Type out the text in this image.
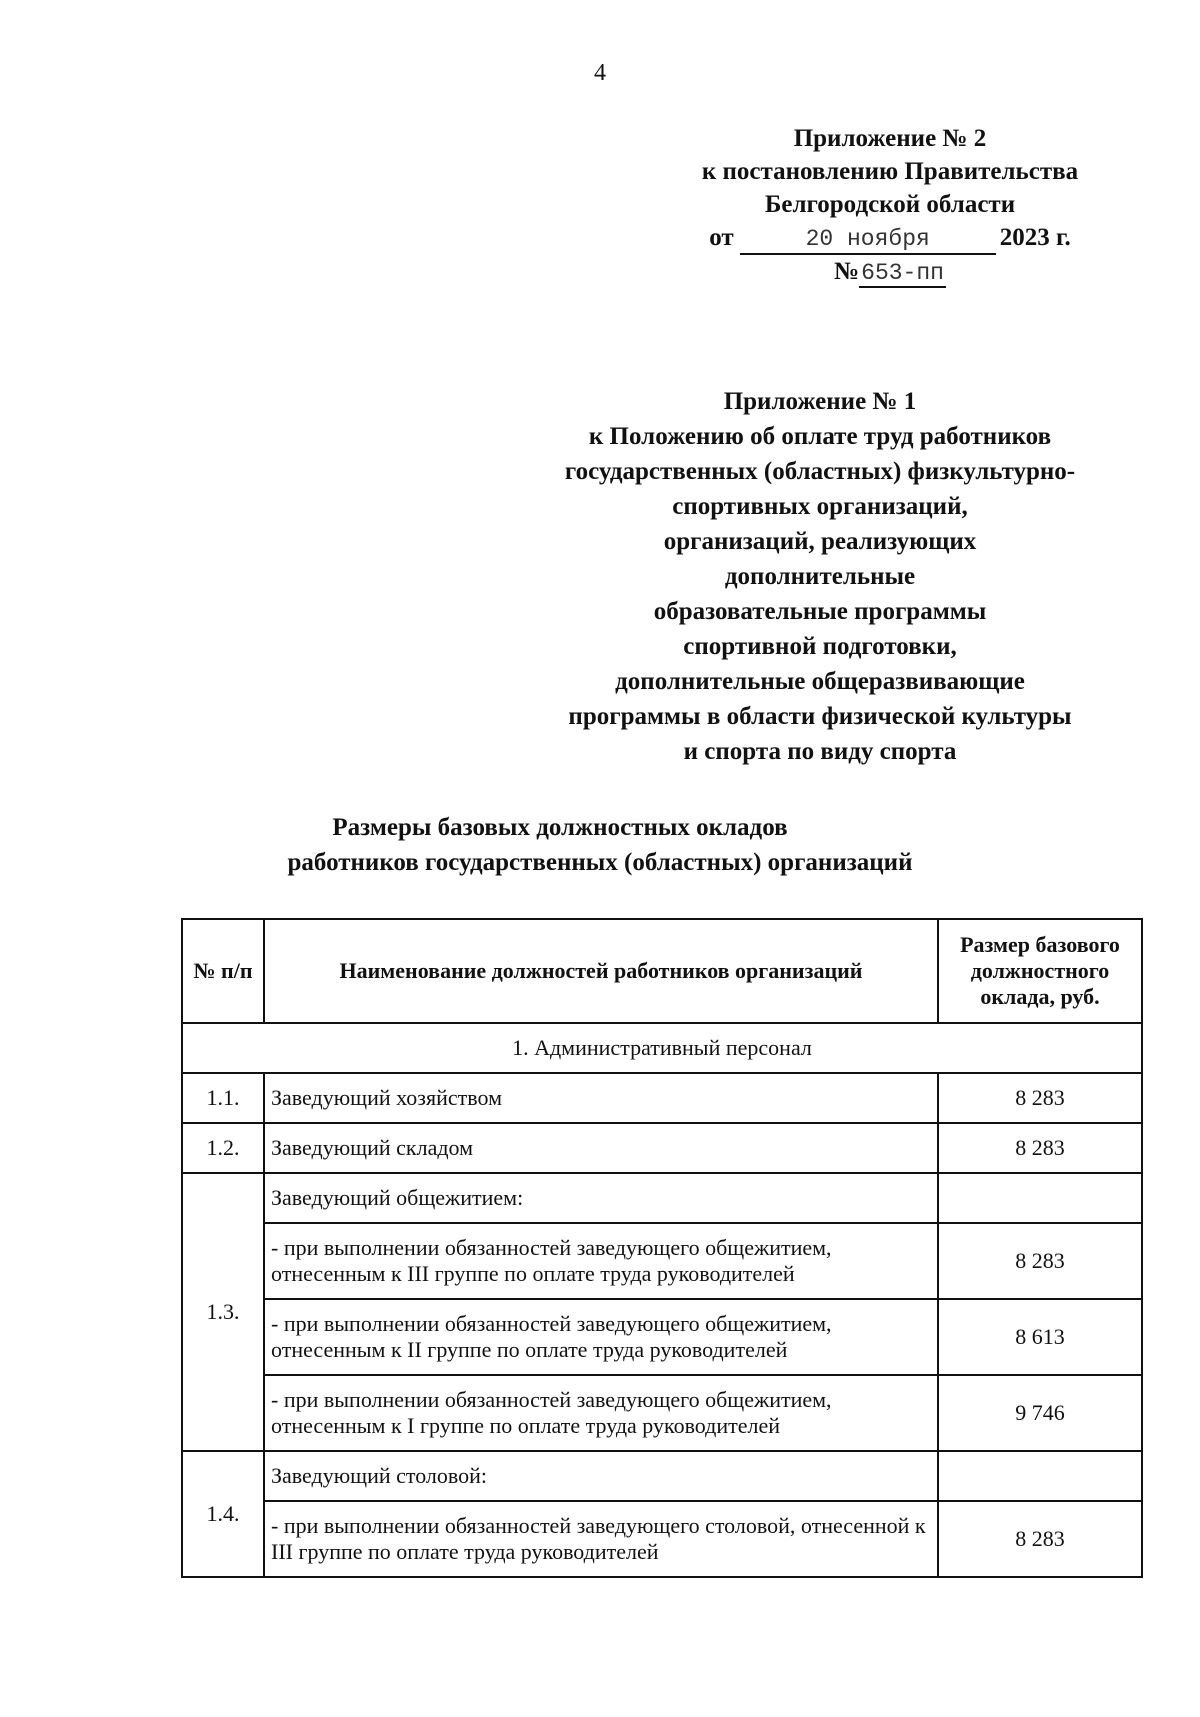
4
Приложение № 2
к постановлению Правительства
Белгородской области
от	20 ноября	2023 г.
№653-пп
Приложение № 1
к Положению об оплате труд работников
государственных (областных) физкультурно-
спортивных организаций,
организаций, реализующих
дополнительные
образовательные программы
спортивной подготовки,
дополнительные общеразвивающие
программы в области физической культуры
и спорта по виду спорта
Размеры базовых должностных окладов
работников государственных (областных) организаций
№ п/п	Наименование должностей работников организаций	Размер базового должностного оклада, руб.
1. Административный персонал		
1.1.	Заведующий хозяйством	8 283
1.2.	Заведующий складом	8 283
1.3.	Заведующий общежитием:	
	- при выполнении обязанностей заведующего общежитием, отнесенным к III группе по оплате труда руководителей	8 283
	- при выполнении обязанностей заведующего общежитием, отнесенным к II группе по оплате труда руководителей	8 613
	- при выполнении обязанностей заведующего общежитием, отнесенным к I группе по оплате труда руководителей	9 746
1.4.	Заведующий столовой:	
	- при выполнении обязанностей заведующего столовой, отнесенной к III группе по оплате труда руководителей	8 283
